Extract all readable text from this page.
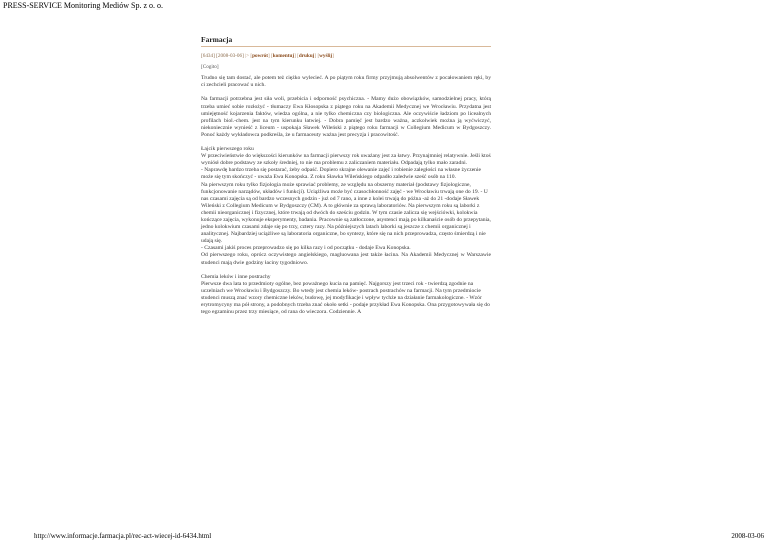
PRESS-SERVICE Monitoring Mediów Sp. z o. o.
Farmacja
[6434] [2008-03-06] |> [powrót] [komentuj] [drukuj] [wyślij]
[Cogito]

Trudno się tam dostać, ale potem też ciężko wylecieć. A po piątym roku firmy przyjmują absolwentów z pocałowaniem ręki, by ci zechcieli pracować u nich.

Na farmacji potrzebna jest siła woli, przebicia i odporność psychiczna. - Mamy dużo obowiązków, samodzielnej pracy, którą trzeba umieć sobie rozłożyć - tłumaczy Ewa Kłosopska z piątego roku na Akademii Medycznej we Wrocławiu. Przydatna jest umiejętność kojarzenia faktów, wiedza ogólna, a nie tylko chemiczna czy biologiczna. Ale oczywiście ładziom po licealnych profilach biol.-chem. jest na tym kierunku łatwiej. - Dobra pamięć jest bardzo ważna, aczkolwiek można ją wyćwiczyć, niekoniecznie wynieść z liceum - uspokaja Sławek Wileński z piątego roku farmacji w Collegium Medicum w Bydgoszczy. Ponoć każdy wykładowca podkreśla, że u farmaceuty ważna jest precyzja i pracowitość.

Łajcik pierwszego roku
W przeciwieństwie do większości kierunków na farmacji pierwszy rok uważany jest za łatwy. Przynajmniej relatywnie. Jeśli ktoś wyniósł dobre podstawy ze szkoły średniej, to nie ma problemu z zaliczaniem materiału. Odpadają tylko mało zaradni.
- Naprawdę bardzo trzeba się postarać, żeby odpaść. Dopiero skrajne olewanie zajęć i robienie zaległości na własne życzenie może się tym skończyć - uważa Ewa Konopska. Z roku Sławka Wileńskiego odpadło zaledwie sześć osób na 110.
Na pierwszym roku tylko fizjologia może sprawiać problemy, ze względu na obszerny materiał (podstawy fizjologiczne, funkcjonowanie narządów, układów i funkcji). Uciążliwa może być czasochłonność zajęć - we Wrocławiu trwają one do 19. - U nas czasami zajęcia są od bardzo wczesnych godzin - już od 7 rano, a inne z kolei trwają do późna -aż do 21 -dodaje Sławek Wileński z Collegium Medicum w Bydgoszczy (CM). A to głównie za sprawą laboratoriów. Na pierwszym roku są laborki z chemii nieorganicznej i fizycznej, które trwają od dwóch do sześciu godzin. W tym czasie zalicza się wejściówki, kolokwia kończące zajęcia, wykonuje eksperymenty, badania. Pracownie są zatłoczone, asystenci mają po kilkanaście osób do przepytania, jedno kolokwium czasami zdaje się po trzy, cztery razy. Na późniejszych latach laborki są jeszcze z chemii organicznej i analitycznej. Najbardziej uciążliwe są laboratoria organiczne, bo syntezy, które się na nich przeprowadza, często śmierdzą i nie udają się.
- Czasami jakiś proces przeprowadzo się po kilka razy i od początku - dodaje Ewa Konopska.

Od pierwszego roku, oprócz oczywistego angielskiego, magluowana jest także łacina. Na Akademii Medycznej w Warszawie studenci mają dwie godziny łaciny tygodniowo.

Chemia leków i inne postrachy
Pierwsze dwa lata to przedmioty ogólne, bez poważnego kucia na pamięć. Najgorszy jest trzeci rok - twierdzą zgodnie na uczelniach we Wrocławiu i Bydgoszczy. Bo wtedy jest chemia leków- postrach postrachów na farmacji. Na tym przedmiocie studenci muszą znać wzory chemiczne leków, budowę, jej modyfikacje i wpływ tychże na działanie farmakologiczne. - Wzór erytromycyny ma pół strony, a podobnych trzeba znać około setki - podaje przykład Ewa Konopska. Ona przygotowywała się do tego egzaminu przez trzy miesiące, od rana do wieczora. Codziennie. A
http://www.informacje.farmacja.pl/rec-act-wiecej-id-6434.html	2008-03-06
